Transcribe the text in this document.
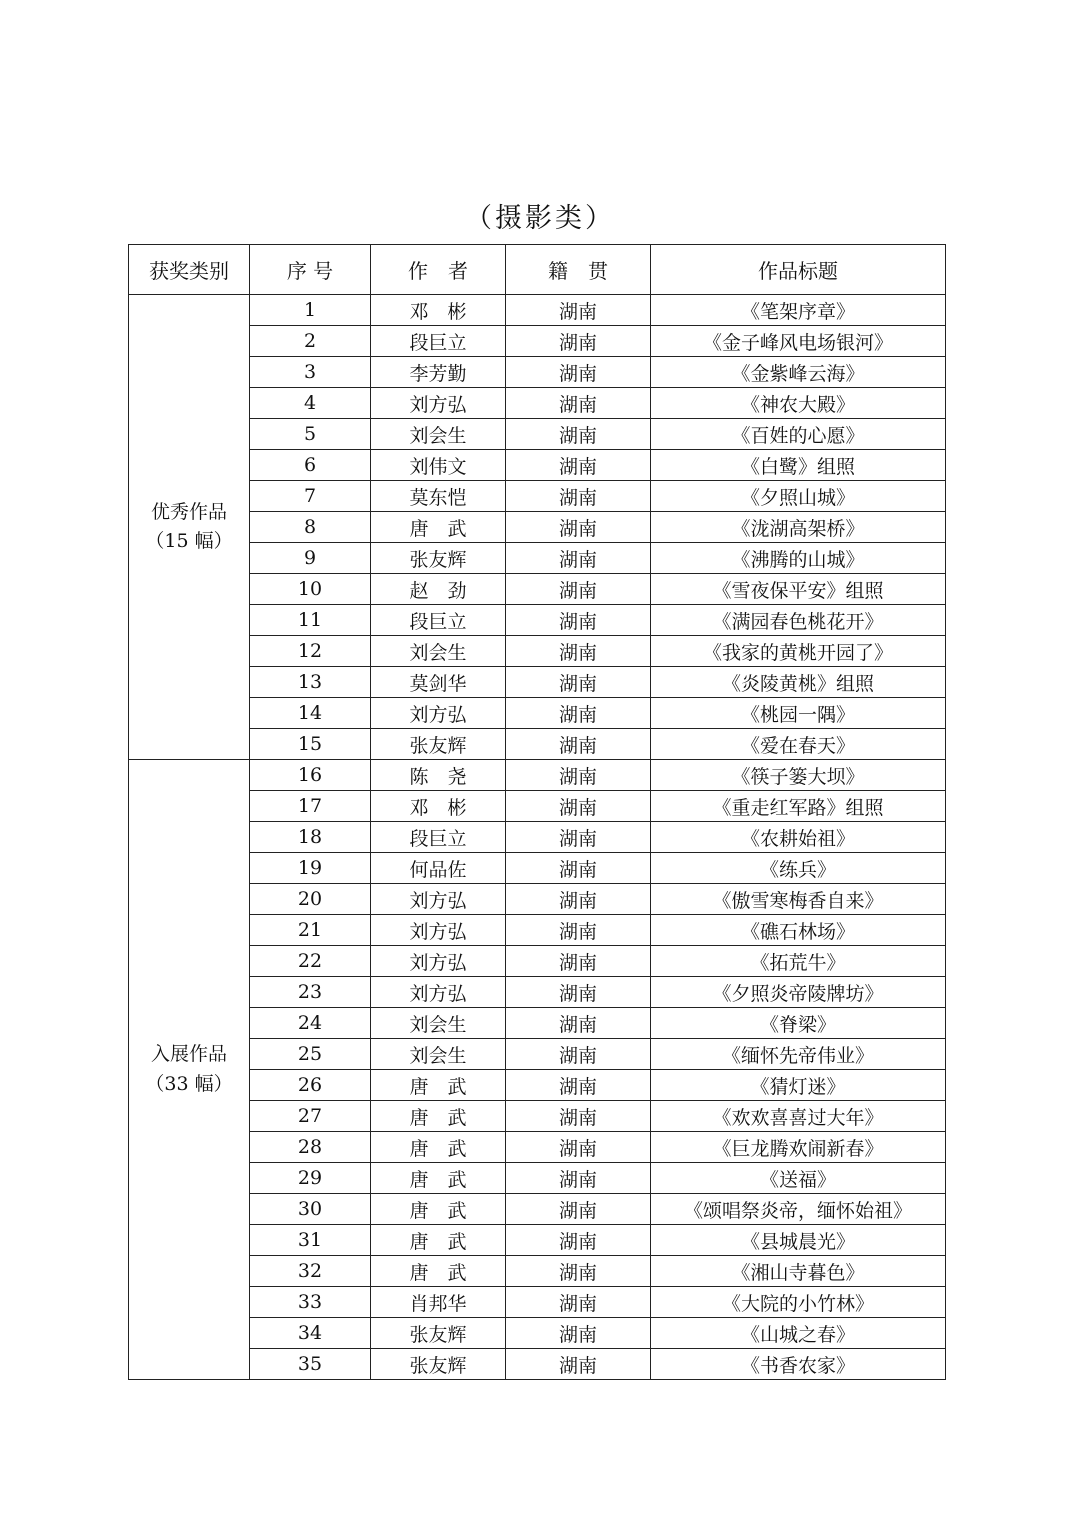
（摄影类）
获奖类别	序 号	作　者	籍　贯	作品标题

优秀作品
（15 幅）	1	邓　彬	湖南	《笔架序章》
	2	段巨立	湖南	《金子峰风电场银河》
	3	李芳勤	湖南	《金紫峰云海》
	4	刘方弘	湖南	《神农大殿》
	5	刘会生	湖南	《百姓的心愿》
	6	刘伟文	湖南	《白鹭》组照
	7	莫东恺	湖南	《夕照山城》
	8	唐　武	湖南	《泷湖高架桥》
	9	张友辉	湖南	《沸腾的山城》
	10	赵　劲	湖南	《雪夜保平安》组照
	11	段巨立	湖南	《满园春色桃花开》
	12	刘会生	湖南	《我家的黄桃开园了》
	13	莫剑华	湖南	《炎陵黄桃》组照
	14	刘方弘	湖南	《桃园一隅》
	15	张友辉	湖南	《爱在春天》

入展作品
（33 幅）	16	陈　尧	湖南	《筷子篓大坝》
	17	邓　彬	湖南	《重走红军路》组照
	18	段巨立	湖南	《农耕始祖》
	19	何品佐	湖南	《练兵》
	20	刘方弘	湖南	《傲雪寒梅香自来》
	21	刘方弘	湖南	《礁石林场》
	22	刘方弘	湖南	《拓荒牛》
	23	刘方弘	湖南	《夕照炎帝陵牌坊》
	24	刘会生	湖南	《脊梁》
	25	刘会生	湖南	《缅怀先帝伟业》
	26	唐　武	湖南	《猜灯迷》
	27	唐　武	湖南	《欢欢喜喜过大年》
	28	唐　武	湖南	《巨龙腾欢闹新春》
	29	唐　武	湖南	《送福》
	30	唐　武	湖南	《颂唱祭炎帝，缅怀始祖》
	31	唐　武	湖南	《县城晨光》
	32	唐　武	湖南	《湘山寺暮色》
	33	肖邦华	湖南	《大院的小竹林》
	34	张友辉	湖南	《山城之春》
	35	张友辉	湖南	《书香农家》
